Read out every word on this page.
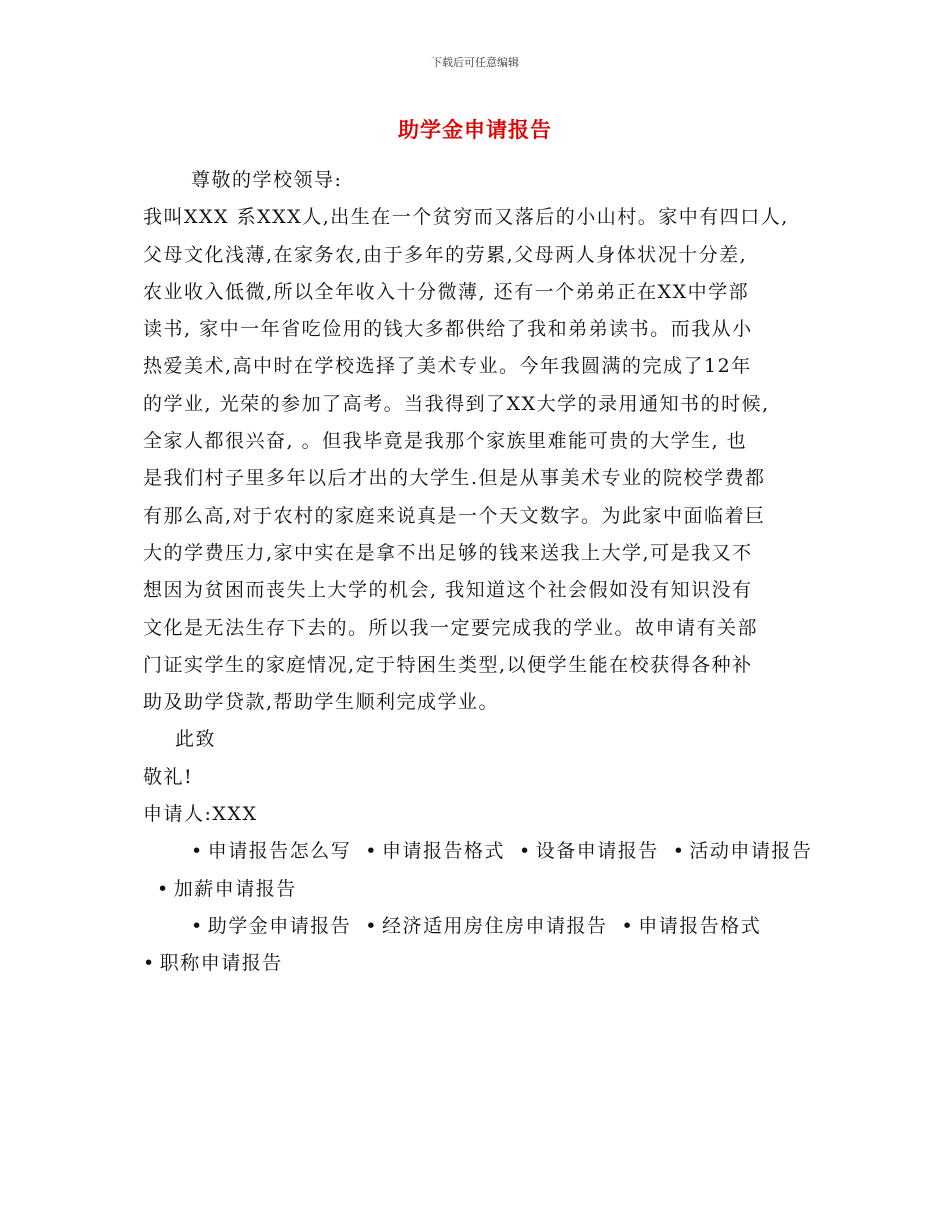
下载后可任意编辑
助学金申请报告
尊敬的学校领导:
我叫XXX 系XXX人,出生在一个贫穷而又落后的小山村。家中有四口人,
父母文化浅薄,在家务农,由于多年的劳累,父母两人身体状况十分差,
农业收入低微,所以全年收入十分微薄, 还有一个弟弟正在XX中学部
读书, 家中一年省吃俭用的钱大多都供给了我和弟弟读书。而我从小
热爱美术,高中时在学校选择了美术专业。今年我圆满的完成了12年
的学业, 光荣的参加了高考。当我得到了XX大学的录用通知书的时候,
全家人都很兴奋, 。但我毕竟是我那个家族里难能可贵的大学生, 也
是我们村子里多年以后才出的大学生.但是从事美术专业的院校学费都
有那么高,对于农村的家庭来说真是一个天文数字。为此家中面临着巨
大的学费压力,家中实在是拿不出足够的钱来送我上大学,可是我又不
想因为贫困而丧失上大学的机会, 我知道这个社会假如没有知识没有
文化是无法生存下去的。所以我一定要完成我的学业。故申请有关部
门证实学生的家庭情况,定于特困生类型,以便学生能在校获得各种补
助及助学贷款,帮助学生顺利完成学业。
此致
敬礼!
申请人:XXX
• 申请报告怎么写 • 申请报告格式 • 设备申请报告 • 活动申请报告
• 加薪申请报告
• 助学金申请报告 • 经济适用房住房申请报告 • 申请报告格式
• 职称申请报告
